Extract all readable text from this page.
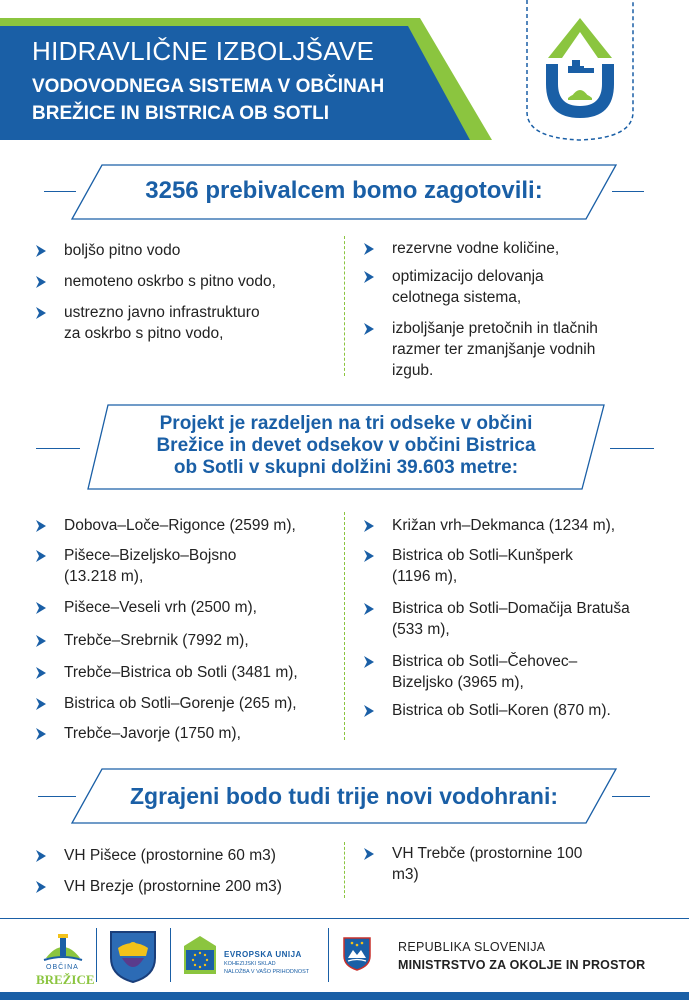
HIDRAVLIČNE IZBOLJŠAVE
VODOVODNEGA SISTEMA V OBČINAH
BREŽICE IN BISTRICA OB SOTLI
3256 prebivalcem bomo zagotovili:
boljšo pitno vodo
nemoteno oskrbo s pitno vodo,
ustrezno javno infrastrukturo
za oskrbo s pitno vodo,
rezervne vodne količine,
optimizacijo delovanja
celotnega sistema,
izboljšanje pretočnih in tlačnih
razmer ter zmanjšanje vodnih
izgub.
Projekt je razdeljen na tri odseke v občini
Brežice in devet odsekov v občini Bistrica
ob Sotli v skupni dolžini 39.603 metre:
Dobova–Loče–Rigonce (2599 m),
Pišece–Bizeljsko–Bojsno
(13.218 m),
Pišece–Veseli vrh (2500 m),
Trebče–Srebrnik (7992 m),
Trebče–Bistrica ob Sotli (3481 m),
Bistrica ob Sotli–Gorenje (265 m),
Trebče–Javorje (1750 m),
Križan vrh–Dekmanca (1234 m),
Bistrica ob Sotli–Kunšperk
(1196 m),
Bistrica ob Sotli–Domačija Bratuša
(533 m),
Bistrica ob Sotli–Čehovec–
Bizeljsko (3965 m),
Bistrica ob Sotli–Koren (870 m).
Zgrajeni bodo tudi trije novi vodohrani:
VH Pišece (prostornine 60 m3)
VH Brezje (prostornine 200 m3)
VH Trebče (prostornine 100
m3)
OBČINA
BREŽICE
EVROPSKA UNIJA
KOHEZIJSKI SKLAD
NALOŽBA V VAŠO PRIHODNOST
REPUBLIKA SLOVENIJA
MINISTRSTVO ZA OKOLJE IN PROSTOR
